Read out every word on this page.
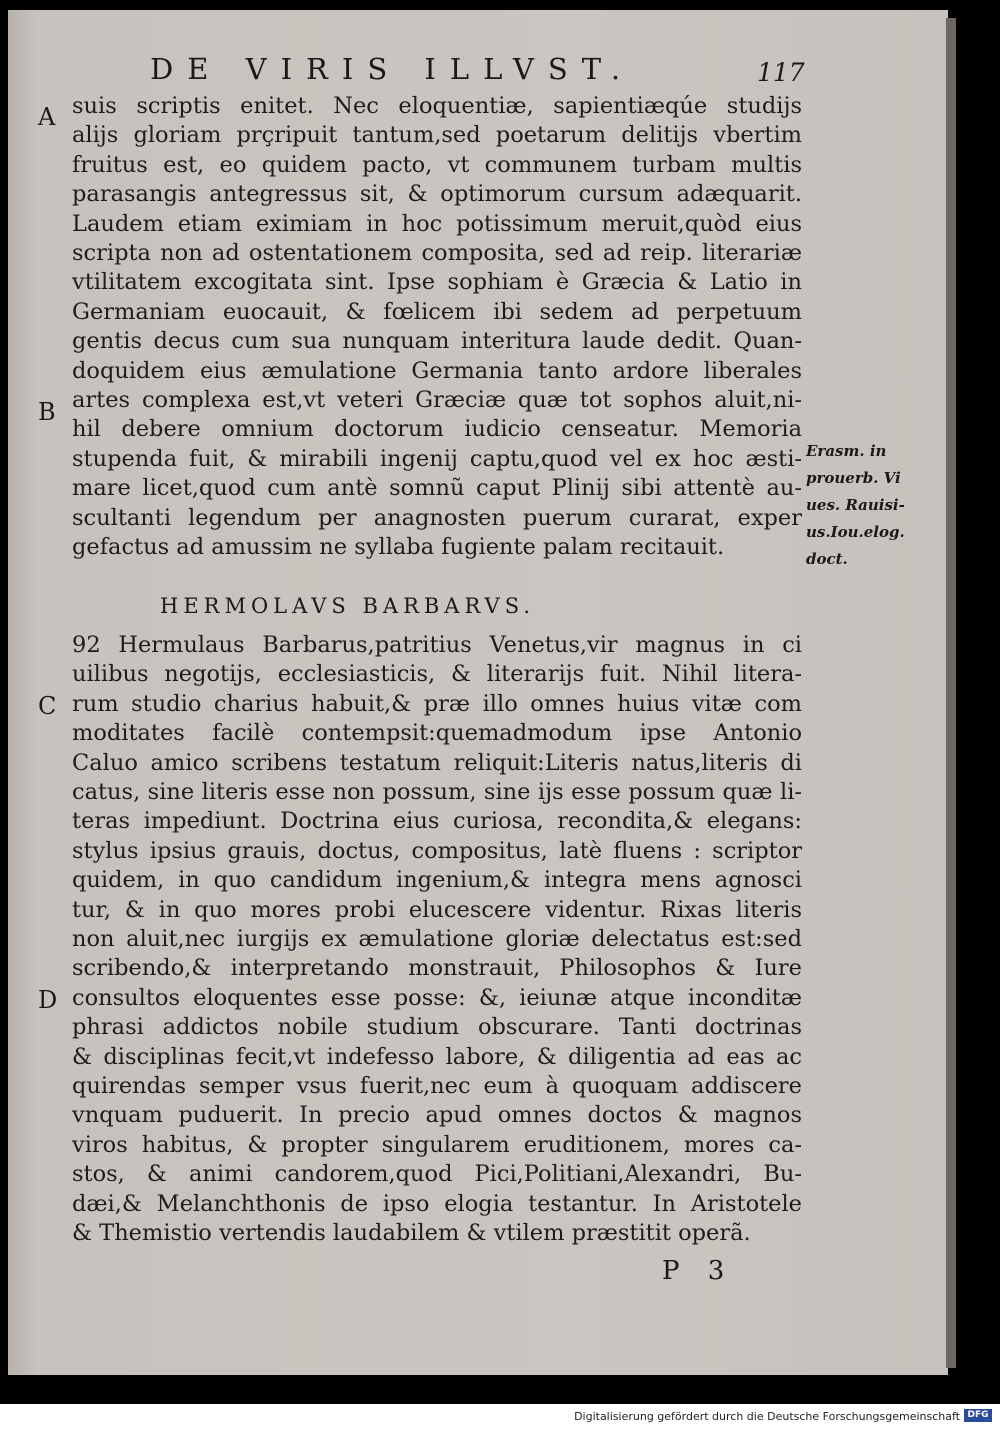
DE VIRIS ILLVST.	117
A
B
C
D
suis scriptis enitet. Nec eloquentiæ, sapientiæqúe studijs
alijs gloriam prçripuit tantum,sed poetarum delitijs vbertim
fruitus est, eo quidem pacto, vt communem turbam multis
parasangis antegressus sit, & optimorum cursum adæquarit.
Laudem etiam eximiam in hoc potissimum meruit,quòd eius
scripta non ad ostentationem composita, sed ad reip. literariæ
vtilitatem excogitata sint. Ipse sophiam è Græcia & Latio in
Germaniam euocauit, & fœlicem ibi sedem ad perpetuum
gentis decus cum sua nunquam interitura laude dedit. Quan-
doquidem eius æmulatione Germania tanto ardore liberales
artes complexa est,vt veteri Græciæ quæ tot sophos aluit,ni-
hil debere omnium doctorum iudicio censeatur. Memoria
stupenda fuit, & mirabili ingenij captu,quod vel ex hoc æsti-
mare licet,quod cum antè somnũ caput Plinij sibi attentè au-
scultanti legendum per anagnosten puerum curarat, exper
gefactus ad amussim ne syllaba fugiente palam recitauit.
Erasm. in
prouerb. Vi
ues. Rauisi-
us.Iou.elog.
doct.
HERMOLAVS BARBARVS.
92 Hermulaus Barbarus,patritius Venetus,vir magnus in ci
uilibus negotijs, ecclesiasticis, & literarijs fuit. Nihil litera-
rum studio charius habuit,& præ illo omnes huius vitæ com
moditates facilè contempsit:quemadmodum ipse Antonio
Caluo amico scribens testatum reliquit:Literis natus,literis di
catus, sine literis esse non possum, sine ijs esse possum quæ li-
teras impediunt. Doctrina eius curiosa, recondita,& elegans:
stylus ipsius grauis, doctus, compositus, latè fluens : scriptor
quidem, in quo candidum ingenium,& integra mens agnosci
tur, & in quo mores probi elucescere videntur. Rixas literis
non aluit,nec iurgijs ex æmulatione gloriæ delectatus est:sed
scribendo,& interpretando monstrauit, Philosophos & Iure
consultos eloquentes esse posse: &, ieiunæ atque inconditæ
phrasi addictos nobile studium obscurare. Tanti doctrinas
& disciplinas fecit,vt indefesso labore, & diligentia ad eas ac
quirendas semper vsus fuerit,nec eum à quoquam addiscere
vnquam puduerit. In precio apud omnes doctos & magnos
viros habitus, & propter singularem eruditionem, mores ca-
stos, & animi candorem,quod Pici,Politiani,Alexandri, Bu-
dæi,& Melanchthonis de ipso elogia testantur. In Aristotele
& Themistio vertendis laudabilem & vtilem præstitit operã.
P 3
Digitalisierung gefördert durch die Deutsche Forschungsgemeinschaft DFG
